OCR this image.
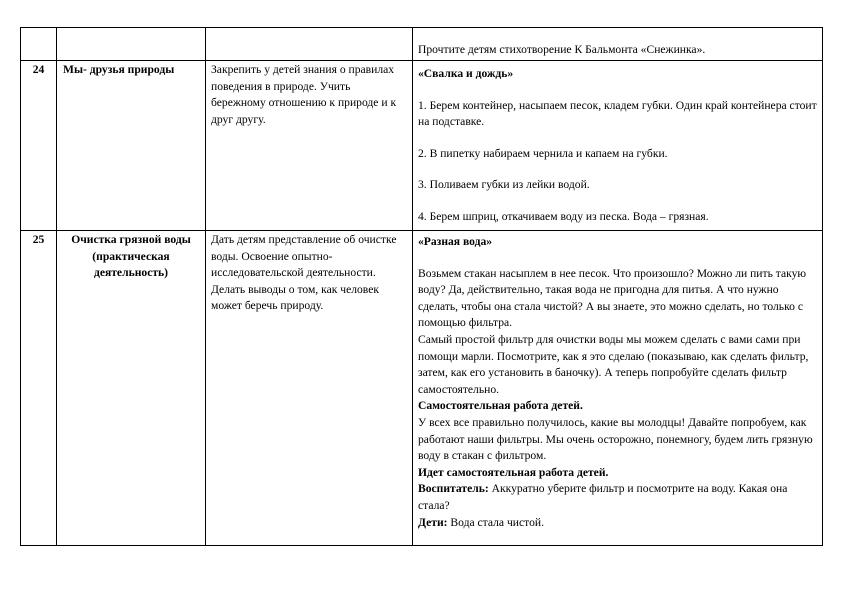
			Прочтите детям стихотворение К Бальмонта «Снежинка».
24	Мы- друзья природы	Закрепить у детей знания о правилах поведения в природе. Учить бережному отношению к природе и к друг другу.	«Свалка и дождь»

1. Берем контейнер, насыпаем песок, кладем губки. Один край контейнера стоит на подставке.

2. В пипетку набираем чернила и капаем на губки.

3. Поливаем губки из лейки водой.

4. Берем шприц, откачиваем воду из песка. Вода – грязная.

25	Очистка грязной воды (практическая деятельность)	Дать детям представление об очистке воды. Освоение опытно-исследовательской деятельности. Делать выводы о том, как человек может беречь природу.	

«Разная вода»

Возьмем стакан насыплем в нее песок. Что произошло? Можно ли пить такую воду? Да, действительно, такая вода не пригодна для питья. А что нужно сделать, чтобы она стала чистой? А вы знаете, это можно сделать, но только с помощью фильтра.

Самый простой фильтр для очистки воды мы можем сделать с вами сами при помощи марли. Посмотрите, как я это сделаю (показываю, как сделать фильтр, затем, как его установить в баночку). А теперь попробуйте сделать фильтр самостоятельно.

Самостоятельная работа детей.

У всех все правильно получилось, какие вы молодцы! Давайте попробуем, как работают наши фильтры. Мы очень осторожно, понемногу, будем лить грязную воду в стакан с фильтром.

Идет самостоятельная работа детей.

Воспитатель: Аккуратно уберите фильтр и посмотрите на воду. Какая она стала?

Дети: Вода стала чистой.
